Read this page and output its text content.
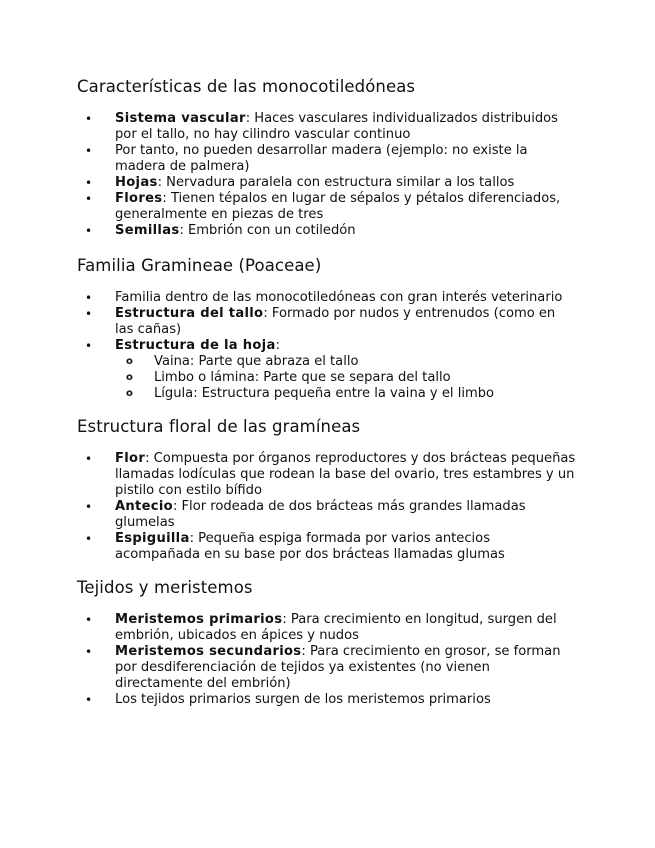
Características de las monocotiledóneas
• Sistema vascular: Haces vasculares individualizados distribuidos por el tallo, no hay cilindro vascular continuo
• Por tanto, no pueden desarrollar madera (ejemplo: no existe la madera de palmera)
• Hojas: Nervadura paralela con estructura similar a los tallos
• Flores: Tienen tépalos en lugar de sépalos y pétalos diferenciados, generalmente en piezas de tres
• Semillas: Embrión con un cotiledón
Familia Gramineae (Poaceae)
• Familia dentro de las monocotiledóneas con gran interés veterinario
• Estructura del tallo: Formado por nudos y entrenudos (como en las cañas)
• Estructura de la hoja:
o Vaina: Parte que abraza el tallo
o Limbo o lámina: Parte que se separa del tallo
o Lígula: Estructura pequeña entre la vaina y el limbo
Estructura floral de las gramíneas
• Flor: Compuesta por órganos reproductores y dos brácteas pequeñas llamadas lodículas que rodean la base del ovario, tres estambres y un pistilo con estilo bífido
• Antecio: Flor rodeada de dos brácteas más grandes llamadas glumelas
• Espiguilla: Pequeña espiga formada por varios antecios acompañada en su base por dos brácteas llamadas glumas
Tejidos y meristemos
• Meristemos primarios: Para crecimiento en longitud, surgen del embrión, ubicados en ápices y nudos
• Meristemos secundarios: Para crecimiento en grosor, se forman por desdiferenciación de tejidos ya existentes (no vienen directamente del embrión)
• Los tejidos primarios surgen de los meristemos primarios
